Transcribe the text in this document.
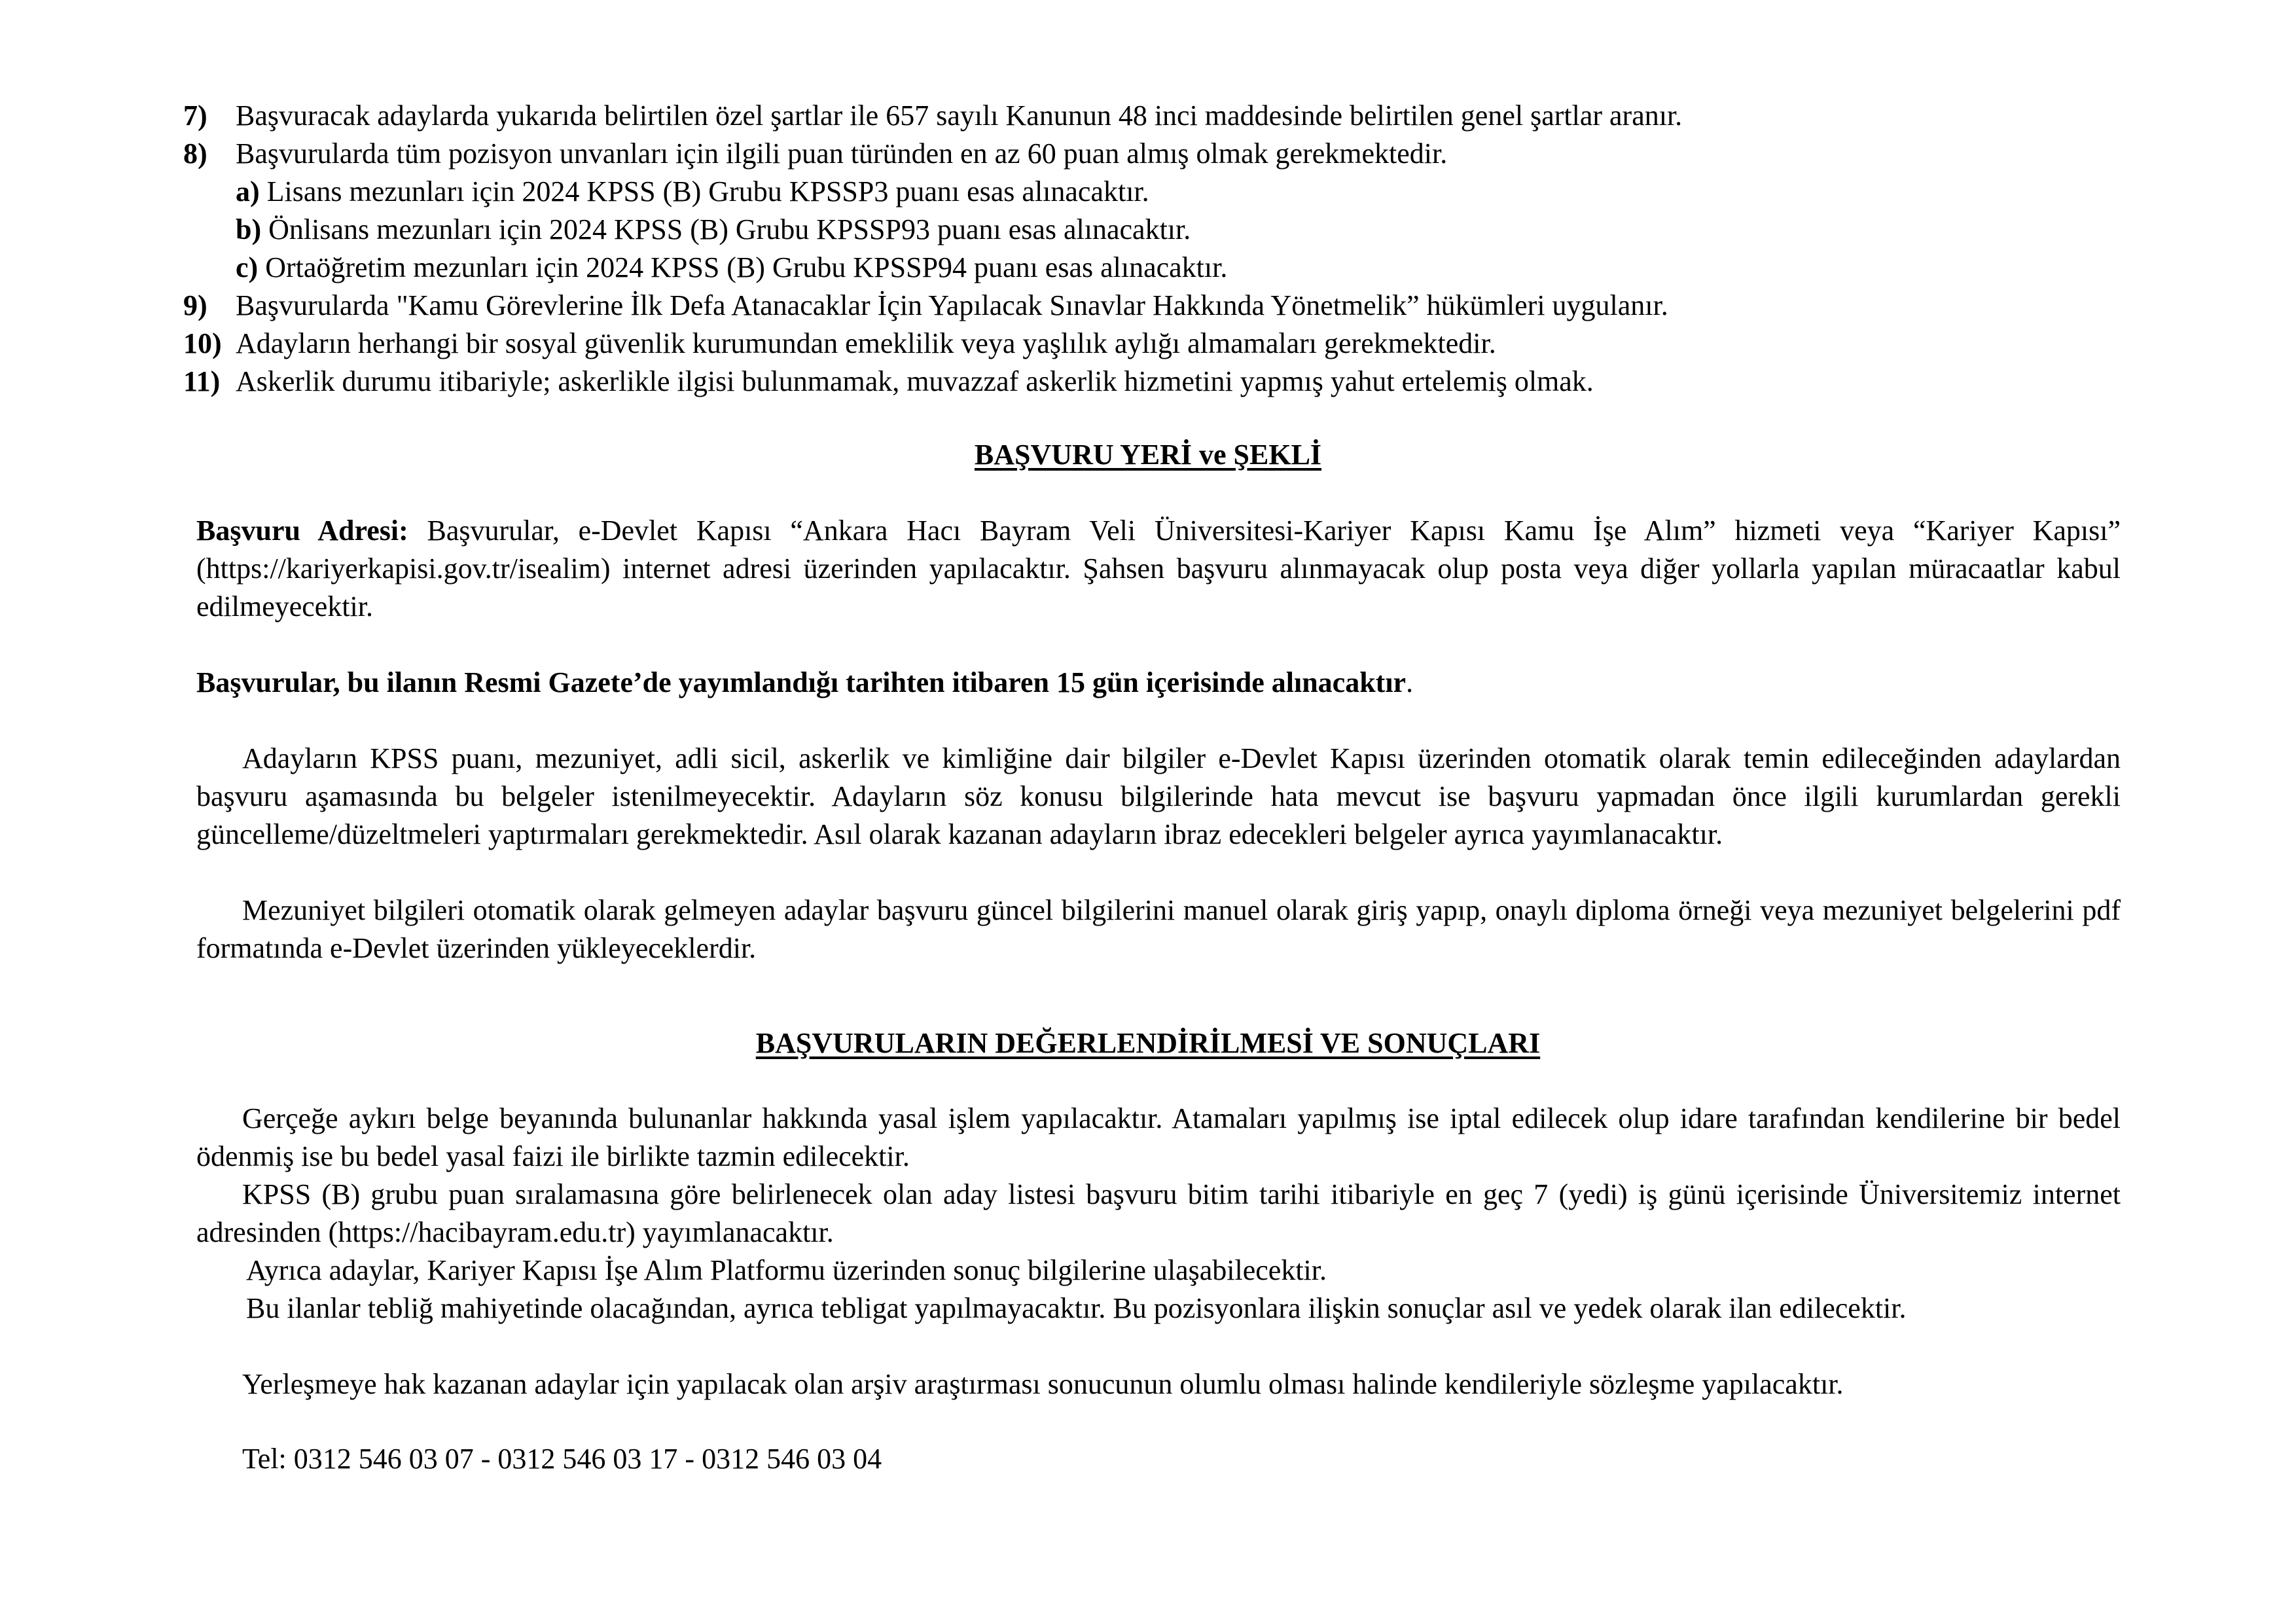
7) Başvuracak adaylarda yukarıda belirtilen özel şartlar ile 657 sayılı Kanunun 48 inci maddesinde belirtilen genel şartlar aranır.
8) Başvurularda tüm pozisyon unvanları için ilgili puan türünden en az 60 puan almış olmak gerekmektedir.
a) Lisans mezunları için 2024 KPSS (B) Grubu KPSSP3 puanı esas alınacaktır.
b) Önlisans mezunları için 2024 KPSS (B) Grubu KPSSP93 puanı esas alınacaktır.
c) Ortaöğretim mezunları için 2024 KPSS (B) Grubu KPSSP94 puanı esas alınacaktır.
9) Başvurularda "Kamu Görevlerine İlk Defa Atanacaklar İçin Yapılacak Sınavlar Hakkında Yönetmelik” hükümleri uygulanır.
10) Adayların herhangi bir sosyal güvenlik kurumundan emeklilik veya yaşlılık aylığı almamaları gerekmektedir.
11) Askerlik durumu itibariyle; askerlikle ilgisi bulunmamak, muvazzaf askerlik hizmetini yapmış yahut ertelemiş olmak.
BAŞVURU YERİ ve ŞEKLİ
Başvuru Adresi: Başvurular, e-Devlet Kapısı “Ankara Hacı Bayram Veli Üniversitesi-Kariyer Kapısı Kamu İşe Alım” hizmeti veya “Kariyer Kapısı” (https://kariyerkapisi.gov.tr/isealim) internet adresi üzerinden yapılacaktır. Şahsen başvuru alınmayacak olup posta veya diğer yollarla yapılan müracaatlar kabul edilmeyecektir.
Başvurular, bu ilanın Resmi Gazete’de yayımlandığı tarihten itibaren 15 gün içerisinde alınacaktır.
Adayların KPSS puanı, mezuniyet, adli sicil, askerlik ve kimliğine dair bilgiler e-Devlet Kapısı üzerinden otomatik olarak temin edileceğinden adaylardan başvuru aşamasında bu belgeler istenilmeyecektir. Adayların söz konusu bilgilerinde hata mevcut ise başvuru yapmadan önce ilgili kurumlardan gerekli güncelleme/düzeltmeleri yaptırmaları gerekmektedir. Asıl olarak kazanan adayların ibraz edecekleri belgeler ayrıca yayımlanacaktır.
Mezuniyet bilgileri otomatik olarak gelmeyen adaylar başvuru güncel bilgilerini manuel olarak giriş yapıp, onaylı diploma örneği veya mezuniyet belgelerini pdf formatında e-Devlet üzerinden yükleyeceklerdir.
BAŞVURULARIN DEĞERLENDİRİLMESİ VE SONUÇLARI
Gerçeğe aykırı belge beyanında bulunanlar hakkında yasal işlem yapılacaktır. Atamaları yapılmış ise iptal edilecek olup idare tarafından kendilerine bir bedel ödenmiş ise bu bedel yasal faizi ile birlikte tazmin edilecektir.
KPSS (B) grubu puan sıralamasına göre belirlenecek olan aday listesi başvuru bitim tarihi itibariyle en geç 7 (yedi) iş günü içerisinde Üniversitemiz internet adresinden (https://hacibayram.edu.tr) yayımlanacaktır.
Ayrıca adaylar, Kariyer Kapısı İşe Alım Platformu üzerinden sonuç bilgilerine ulaşabilecektir.
Bu ilanlar tebliğ mahiyetinde olacağından, ayrıca tebligat yapılmayacaktır. Bu pozisyonlara ilişkin sonuçlar asıl ve yedek olarak ilan edilecektir.
Yerleşmeye hak kazanan adaylar için yapılacak olan arşiv araştırması sonucunun olumlu olması halinde kendileriyle sözleşme yapılacaktır.
Tel: 0312 546 03 07 - 0312 546 03 17 - 0312 546 03 04
